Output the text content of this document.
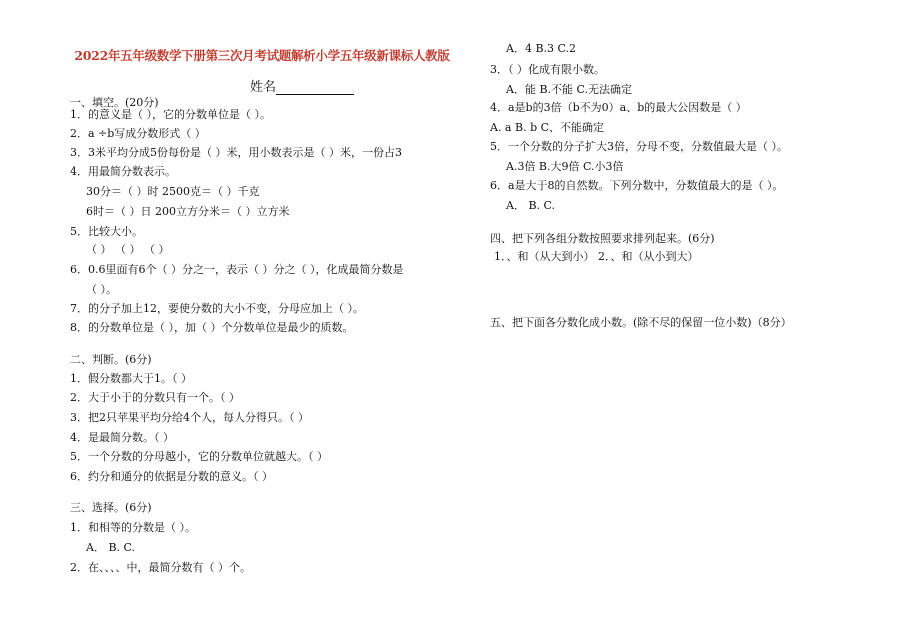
2022年五年级数学下册第三次月考试题解析小学五年级新课标人教版
姓名
一、填空。(20分)
1．的意义是（ ），它的分数单位是（ ）。
2．a ÷b写成分数形式（ ）
3．3米平均分成5份每份是（ ）米，用小数表示是（ ）米，一份占3
4．用最简分数表示。
30分＝（ ）时 2500克＝（ ）千克
6时＝（ ）日 200立方分米＝（ ）立方米
5．比较大小。
（ ） （ ） （ ）
6．0.6里面有6个（ ）分之一，表示（ ）分之（ ），化成最简分数是
（ ）。
7．的分子加上12，要使分数的大小不变，分母应加上（ ）。
8．的分数单位是（ ），加（ ）个分数单位是最少的质数。
二、判断。(6分)
1．假分数都大于1。（ ）
2．大于小于的分数只有一个。（ ）
3．把2只苹果平均分给4个人，每人分得只。（ ）
4．是最简分数。（ ）
5．一个分数的分母越小，它的分数单位就越大。（ ）
6．约分和通分的依据是分数的意义。（ ）
三、选择。(6分)
1．和相等的分数是（ ）。
A． B. C.
2．在、、、、中，最简分数有（ ）个。
A．4 B.3 C.2
3．（ ）化成有限小数。
A．能 B.不能 C.无法确定
4．a是b的3倍（b不为0）a、b的最大公因数是（ ）
A. a B. b C、不能确定
5．一个分数的分子扩大3倍，分母不变，分数值最大是（ ）。
A.3倍 B.大9倍 C.小3倍
6．a是大于8的自然数。下列分数中，分数值最大的是（ ）。
A． B. C.
四、把下列各组分数按照要求排列起来。(6分)
1．、和（从大到小） 2．、和（从小到大）
五、把下面各分数化成小数。(除不尽的保留一位小数)（8分）
